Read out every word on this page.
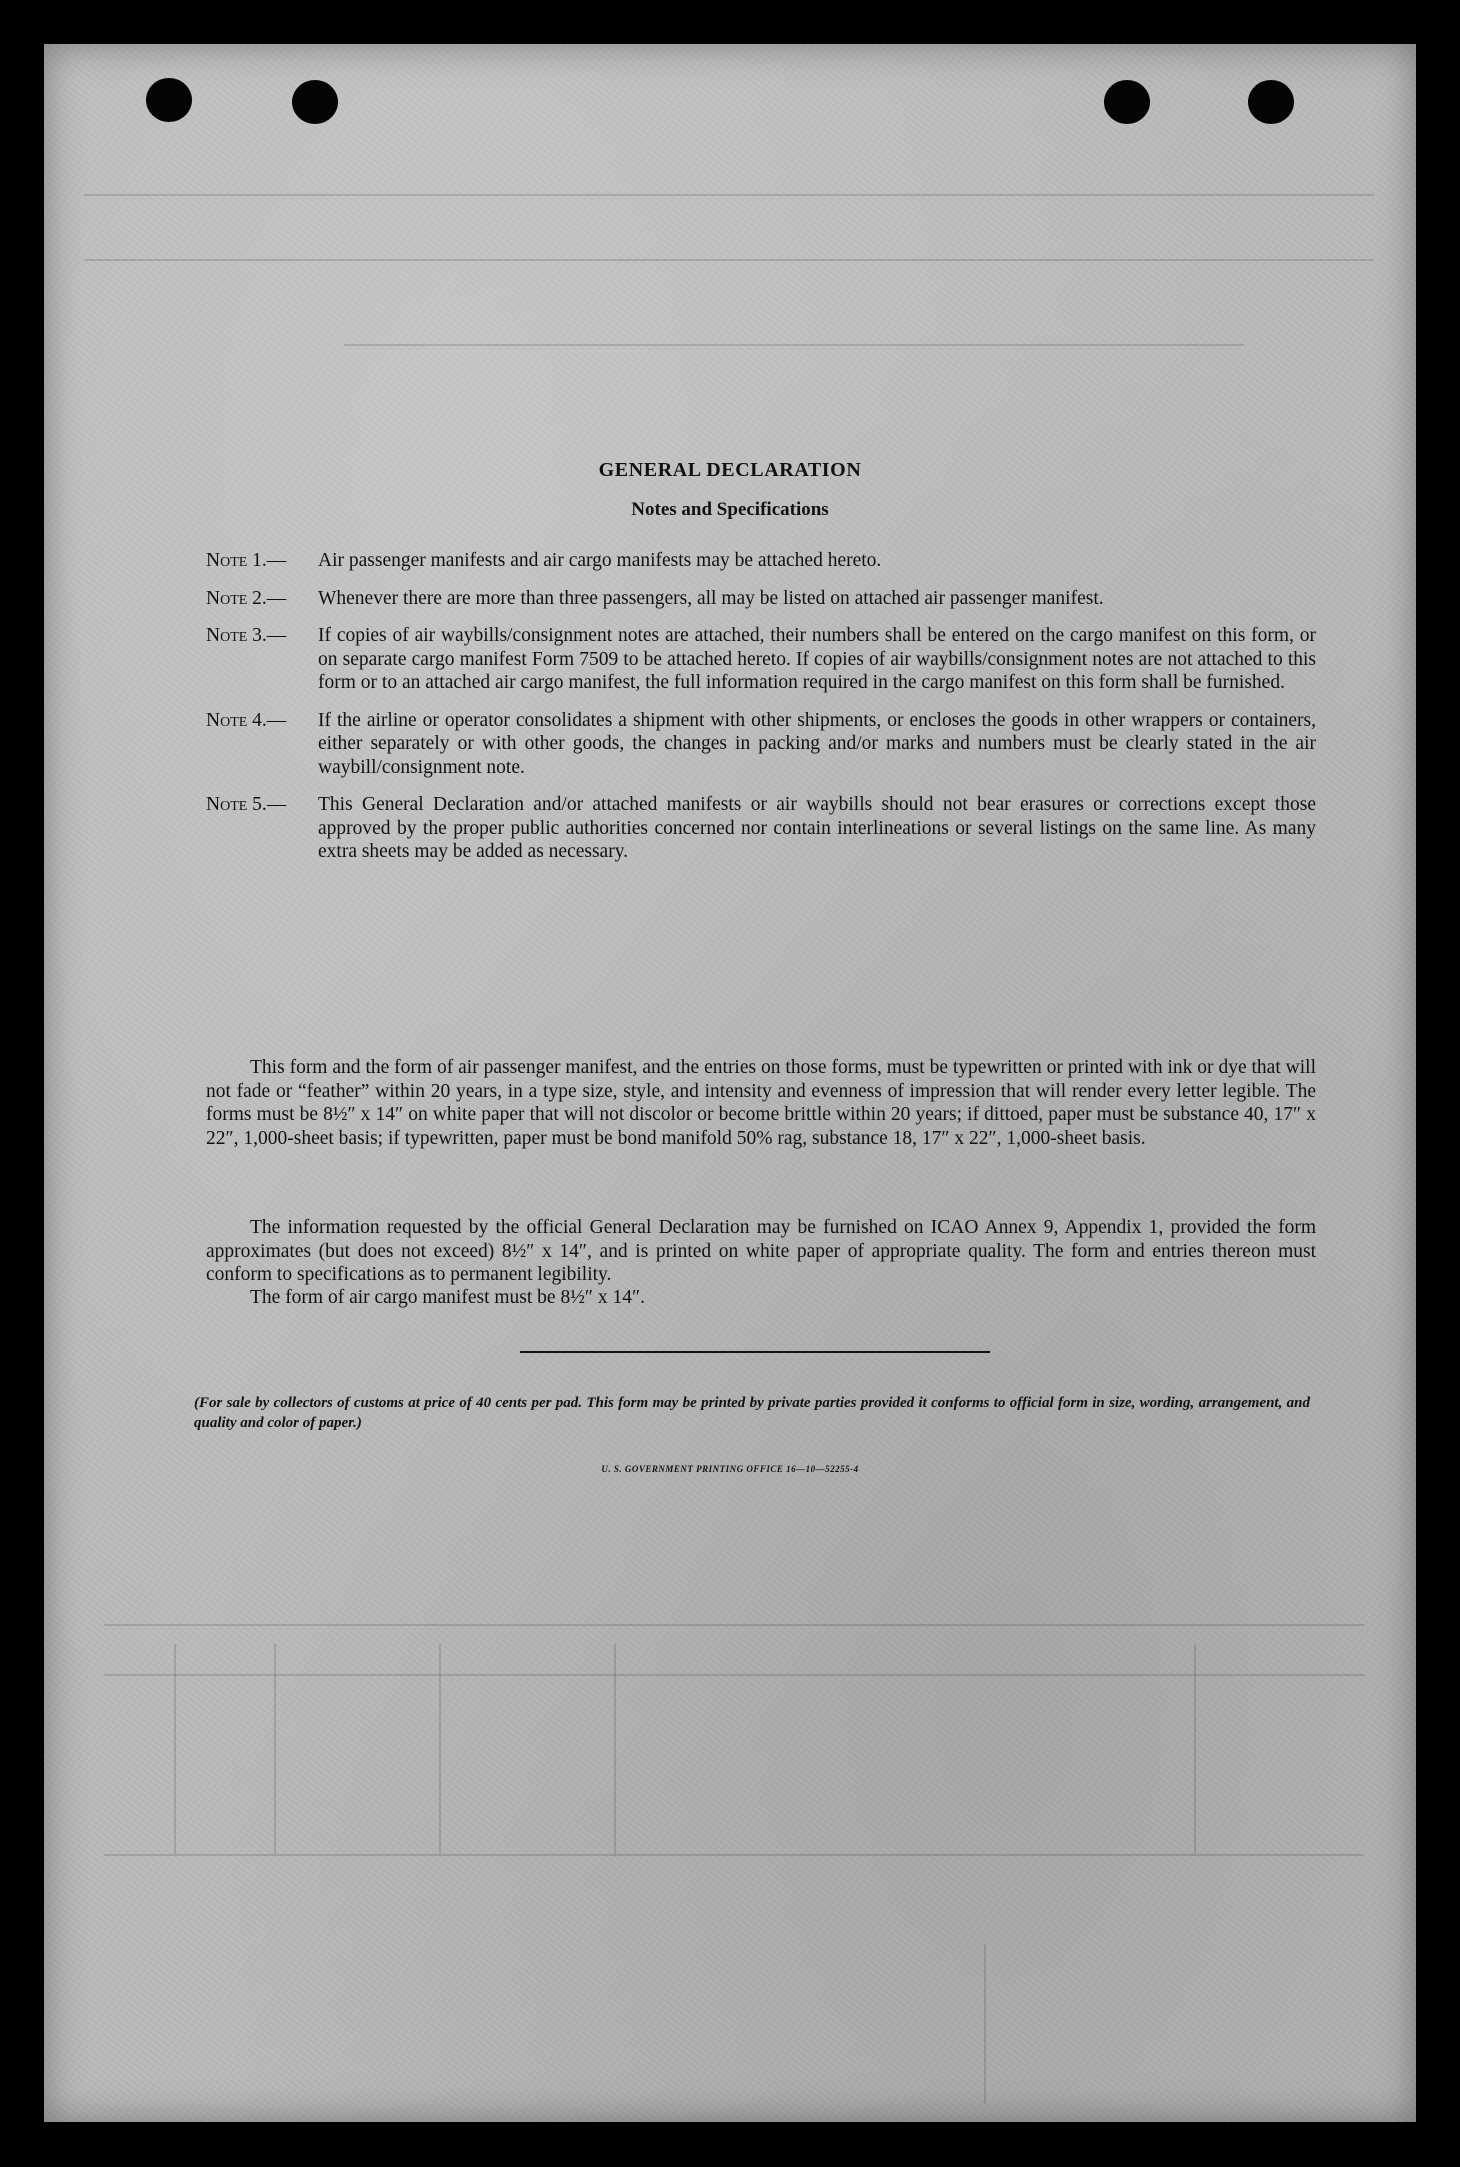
GENERAL DECLARATION
Notes and Specifications
Note 1.—	Air passenger manifests and air cargo manifests may be attached hereto.
Note 2.—	Whenever there are more than three passengers, all may be listed on attached air passenger manifest.
Note 3.—	If copies of air waybills/consignment notes are attached, their numbers shall be entered on the cargo manifest on this form, or on separate cargo manifest Form 7509 to be attached hereto. If copies of air waybills/consignment notes are not attached to this form or to an attached air cargo manifest, the full information required in the cargo manifest on this form shall be furnished.
Note 4.—	If the airline or operator consolidates a shipment with other shipments, or encloses the goods in other wrappers or containers, either separately or with other goods, the changes in packing and/or marks and numbers must be clearly stated in the air waybill/consignment note.
Note 5.—	This General Declaration and/or attached manifests or air waybills should not bear erasures or corrections except those approved by the proper public authorities concerned nor contain interlineations or several listings on the same line. As many extra sheets may be added as necessary.
This form and the form of air passenger manifest, and the entries on those forms, must be typewritten or printed with ink or dye that will not fade or “feather” within 20 years, in a type size, style, and intensity and evenness of impression that will render every letter legible. The forms must be 8½″ x 14″ on white paper that will not discolor or become brittle within 20 years; if dittoed, paper must be substance 40, 17″ x 22″, 1,000-sheet basis; if typewritten, paper must be bond manifold 50% rag, substance 18, 17″ x 22″, 1,000-sheet basis.
The information requested by the official General Declaration may be furnished on ICAO Annex 9, Appendix 1, provided the form approximates (but does not exceed) 8½″ x 14″, and is printed on white paper of appropriate quality. The form and entries thereon must conform to specifications as to permanent legibility.
The form of air cargo manifest must be 8½″ x 14″.
(For sale by collectors of customs at price of 40 cents per pad. This form may be printed by private parties provided it conforms to official form in size, wording, arrangement, and quality and color of paper.)
U. S. GOVERNMENT PRINTING OFFICE 16—10—52255-4
